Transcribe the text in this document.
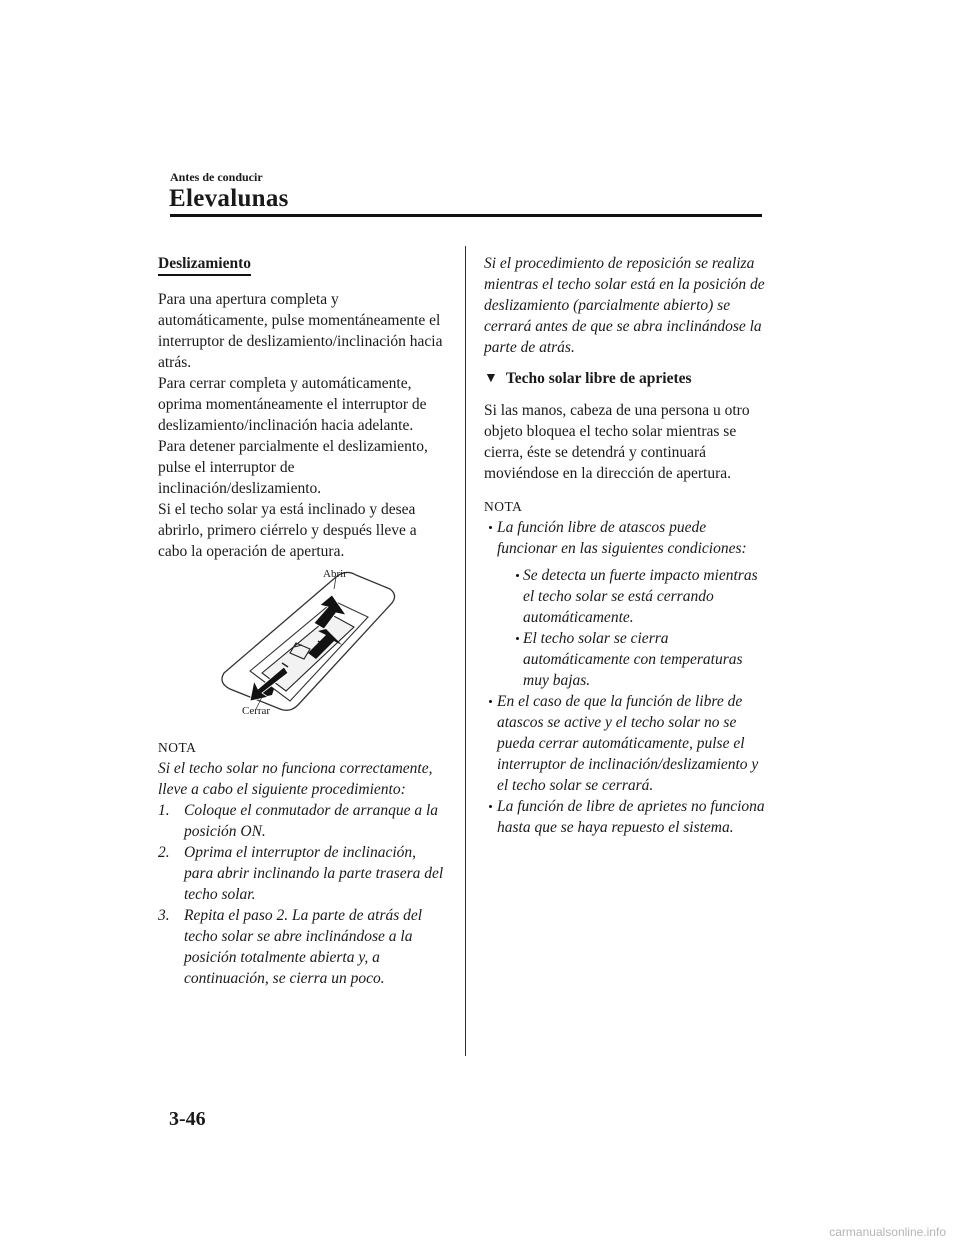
Antes de conducir
Elevalunas
Deslizamiento

Para una apertura completa y automáticamente, pulse momentáneamente el interruptor de deslizamiento/inclinación hacia atrás.

Para cerrar completa y automáticamente, oprima momentáneamente el interruptor de deslizamiento/inclinación hacia adelante.

Para detener parcialmente el deslizamiento, pulse el interruptor de inclinación/deslizamiento.

Si el techo solar ya está inclinado y desea abrirlo, primero ciérrelo y después lleve a cabo la operación de apertura.

Abrir
Cerrar
NOTA

Si el techo solar no funciona correctamente, lleve a cabo el siguiente procedimiento:

1. Coloque el conmutador de arranque a la posición ON.
2. Oprima el interruptor de inclinación, para abrir inclinando la parte trasera del techo solar.
3. Repita el paso 2. La parte de atrás del techo solar se abre inclinándose a la posición totalmente abierta y, a continuación, se cierra un poco.

Si el procedimiento de reposición se realiza mientras el techo solar está en la posición de deslizamiento (parcialmente abierto) se cerrará antes de que se abra inclinándose la parte de atrás.

▼ Techo solar libre de aprietes

Si las manos, cabeza de una persona u otro objeto bloquea el techo solar mientras se cierra, éste se detendrá y continuará moviéndose en la dirección de apertura.

NOTA
La función libre de atascos puede funcionar en las siguientes condiciones:
Se detecta un fuerte impacto mientras el techo solar se está cerrando automáticamente.
El techo solar se cierra automáticamente con temperaturas muy bajas.
En el caso de que la función de libre de atascos se active y el techo solar no se pueda cerrar automáticamente, pulse el interruptor de inclinación/deslizamiento y el techo solar se cerrará.
La función de libre de aprietes no funciona hasta que se haya repuesto el sistema.
3-46
carmanualsonline.info
